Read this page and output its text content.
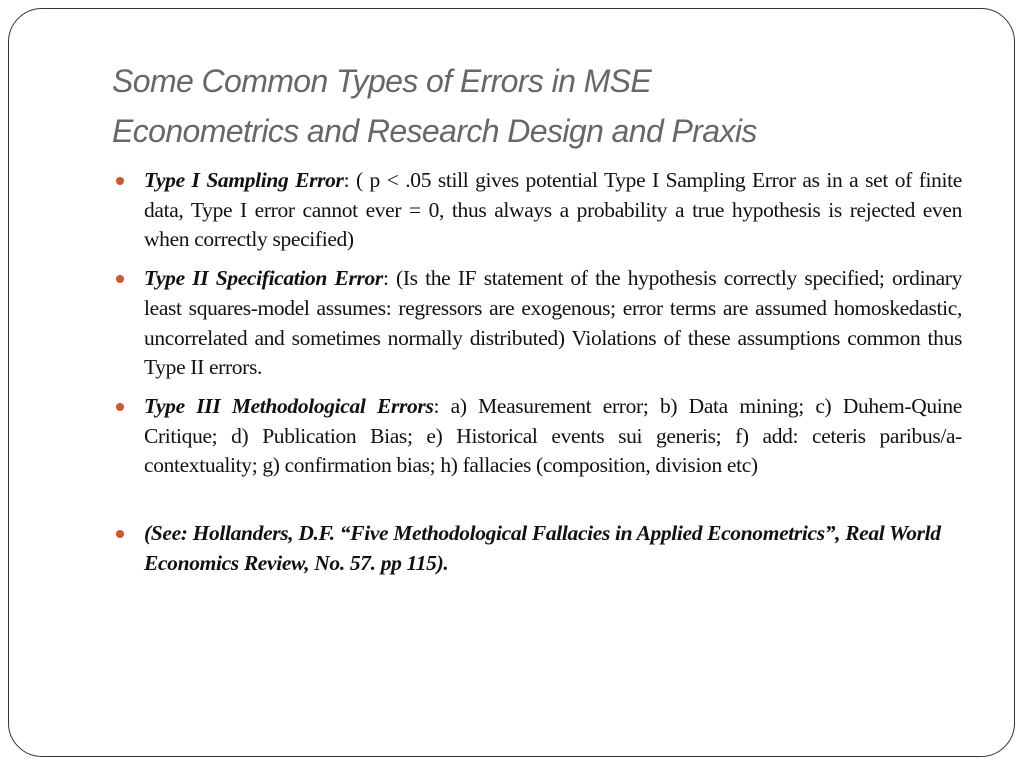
Some Common Types of Errors in MSE
Econometrics and Research Design and Praxis
Type I Sampling Error: ( p < .05 still gives potential Type I Sampling Error as in a set of finite data, Type I error cannot ever = 0, thus always a probability a true hypothesis is rejected even when correctly specified)
Type II Specification Error: (Is the IF statement of the hypothesis correctly specified; ordinary least squares-model assumes: regressors are exogenous; error terms are assumed homoskedastic, uncorrelated and sometimes normally distributed) Violations of these assumptions common thus Type II errors.
Type III Methodological Errors: a) Measurement error; b) Data mining; c) Duhem-Quine Critique; d) Publication Bias; e) Historical events sui generis; f) add: ceteris paribus/a-contextuality; g) confirmation bias; h) fallacies (composition, division etc)
(See: Hollanders, D.F. “Five Methodological Fallacies in Applied Econometrics”, Real World Economics Review, No. 57. pp 115).
